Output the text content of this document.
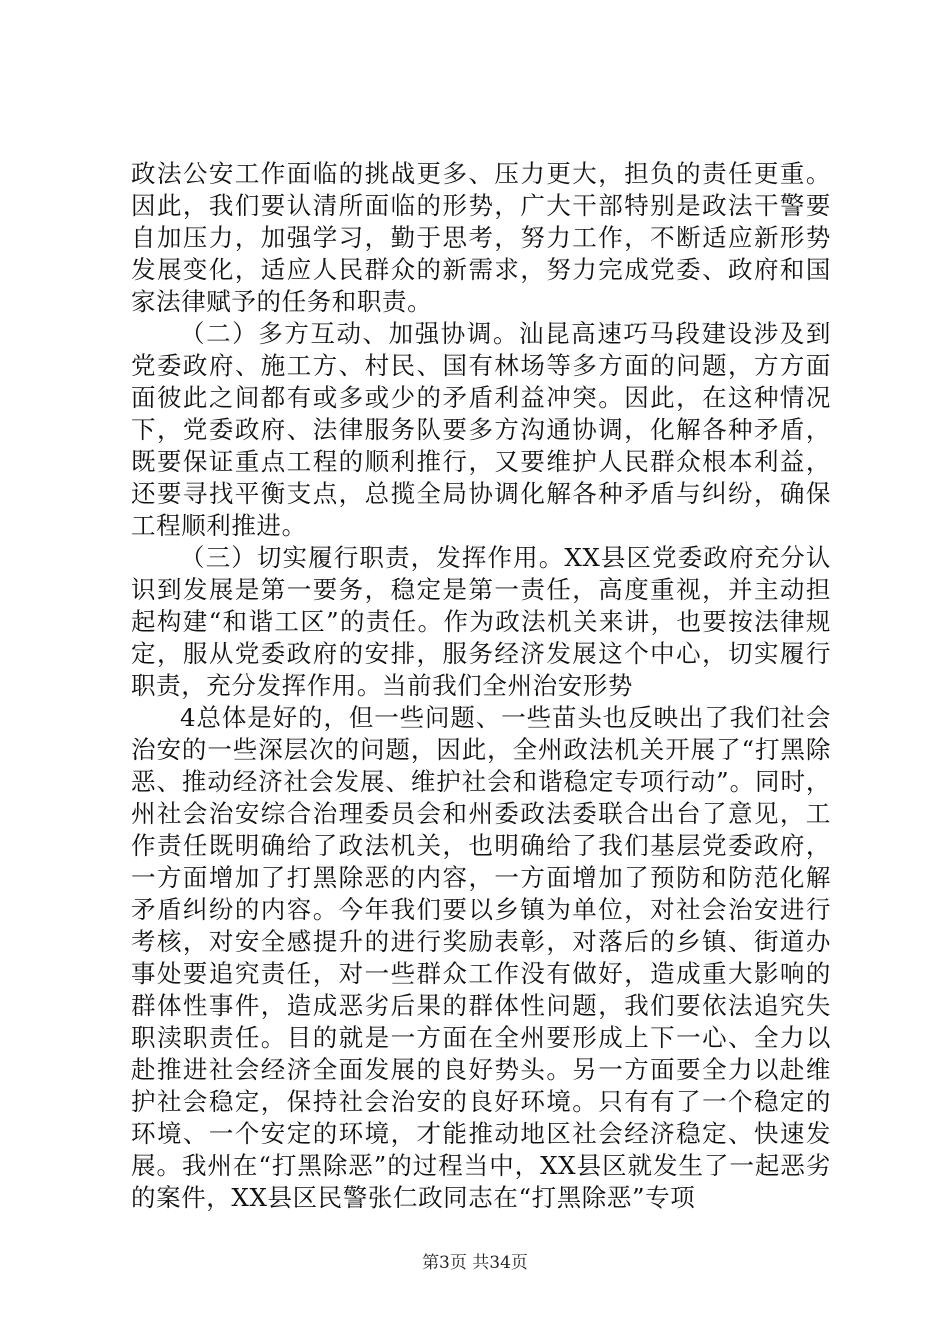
政法公安工作面临的挑战更多、压力更大，担负的责任更重。因此，我们要认清所面临的形势，广大干部特别是政法干警要自加压力，加强学习，勤于思考，努力工作，不断适应新形势发展变化，适应人民群众的新需求，努力完成党委、政府和国家法律赋予的任务和职责。

（二）多方互动、加强协调。汕昆高速巧马段建设涉及到党委政府、施工方、村民、国有林场等多方面的问题，方方面面彼此之间都有或多或少的矛盾利益冲突。因此，在这种情况下，党委政府、法律服务队要多方沟通协调，化解各种矛盾，既要保证重点工程的顺利推行，又要维护人民群众根本利益，还要寻找平衡支点，总揽全局协调化解各种矛盾与纠纷，确保工程顺利推进。

（三）切实履行职责，发挥作用。XX县区党委政府充分认识到发展是第一要务，稳定是第一责任，高度重视，并主动担起构建“和谐工区”的责任。作为政法机关来讲，也要按法律规定，服从党委政府的安排，服务经济发展这个中心，切实履行职责，充分发挥作用。当前我们全州治安形势

4总体是好的，但一些问题、一些苗头也反映出了我们社会治安的一些深层次的问题，因此，全州政法机关开展了“打黑除恶、推动经济社会发展、维护社会和谐稳定专项行动”。同时，州社会治安综合治理委员会和州委政法委联合出台了意见，工作责任既明确给了政法机关，也明确给了我们基层党委政府，一方面增加了打黑除恶的内容，一方面增加了预防和防范化解矛盾纠纷的内容。今年我们要以乡镇为单位，对社会治安进行考核，对安全感提升的进行奖励表彰，对落后的乡镇、街道办事处要追究责任，对一些群众工作没有做好，造成重大影响的群体性事件，造成恶劣后果的群体性问题，我们要依法追究失职渎职责任。目的就是一方面在全州要形成上下一心、全力以赴推进社会经济全面发展的良好势头。另一方面要全力以赴维护社会稳定，保持社会治安的良好环境。只有有了一个稳定的环境、一个安定的环境，才能推动地区社会经济稳定、快速发展。我州在“打黑除恶”的过程当中，XX县区就发生了一起恶劣的案件，XX县区民警张仁政同志在“打黑除恶”专项

第3页 共34页
